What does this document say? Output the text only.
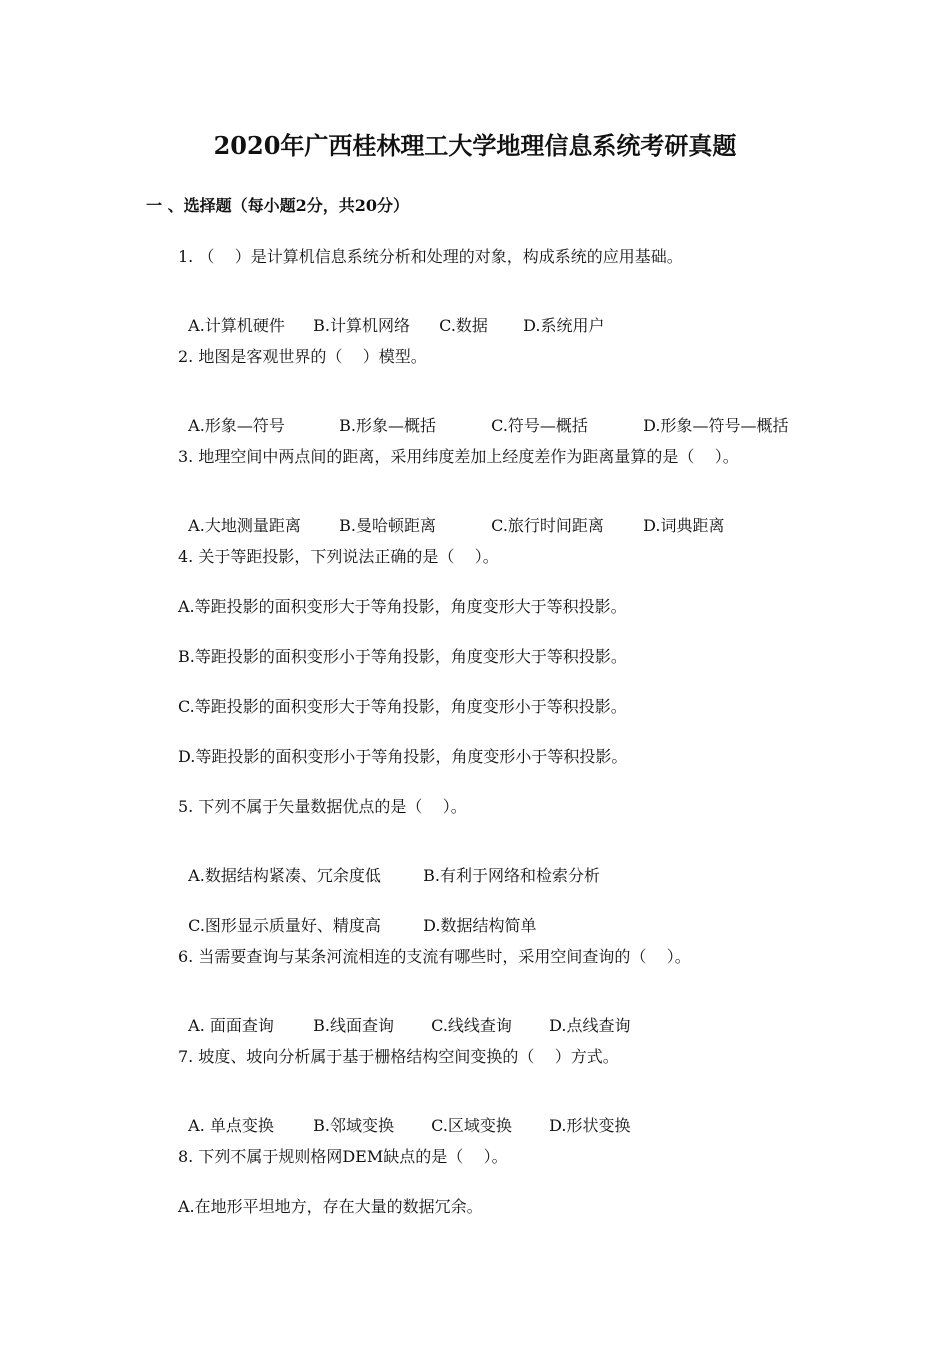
2020年广西桂林理工大学地理信息系统考研真题
一 、选择题（每小题2分，共20分）
1. （    ）是计算机信息系统分析和处理的对象，构成系统的应用基础。

A.计算机硬件 B.计算机网络 C.数据 D.系统用户

2. 地图是客观世界的（    ）模型。

A.形象—符号	B.形象—概括	C.符号—概括	D.形象—符号—概括

3. 地理空间中两点间的距离，采用纬度差加上经度差作为距离量算的是（    ）。

A.大地测量距离 B.曼哈顿距离	C.旅行时间距离 D.词典距离

4. 关于等距投影，下列说法正确的是（    ）。
A.等距投影的面积变形大于等角投影，角度变形大于等积投影。
B.等距投影的面积变形小于等角投影，角度变形大于等积投影。
C.等距投影的面积变形大于等角投影，角度变形小于等积投影。
D.等距投影的面积变形小于等角投影，角度变形小于等积投影。
5. 下列不属于矢量数据优点的是（    ）。

A.数据结构紧凑、冗余度低	B.有利于网络和检索分析

C.图形显示质量好、精度高	D.数据结构简单

6. 当需要查询与某条河流相连的支流有哪些时，采用空间查询的（    ）。

A. 面面查询 B.线面查询 C.线线查询 D.点线查询

7. 坡度、坡向分析属于基于栅格结构空间变换的（    ）方式。

A. 单点变换 B.邻域变换 C.区域变换 D.形状变换

8. 下列不属于规则格网DEM缺点的是（    ）。
A.在地形平坦地方，存在大量的数据冗余。
